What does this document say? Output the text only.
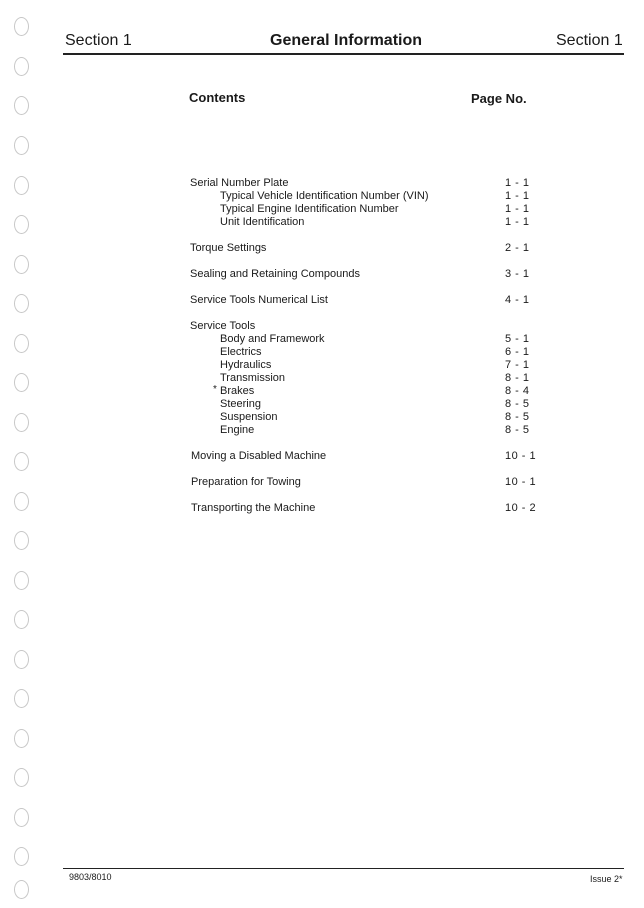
Section 1	General Information	Section 1
Contents	Page No.
Serial Number Plate	1 - 1
Typical Vehicle Identification Number (VIN)	1 - 1
Typical Engine Identification Number	1 - 1
Unit Identification	1 - 1
Torque Settings	2 - 1
Sealing and Retaining Compounds	3 - 1
Service Tools Numerical List	4 - 1
Service Tools
Body and Framework	5 - 1
Electrics	6 - 1
Hydraulics	7 - 1
Transmission	8 - 1
* Brakes	8 - 4
Steering	8 - 5
Suspension	8 - 5
Engine	8 - 5
Moving a Disabled Machine	10 - 1
Preparation for Towing	10 - 1
Transporting the Machine	10 - 2
9803/8010	Issue 2*
